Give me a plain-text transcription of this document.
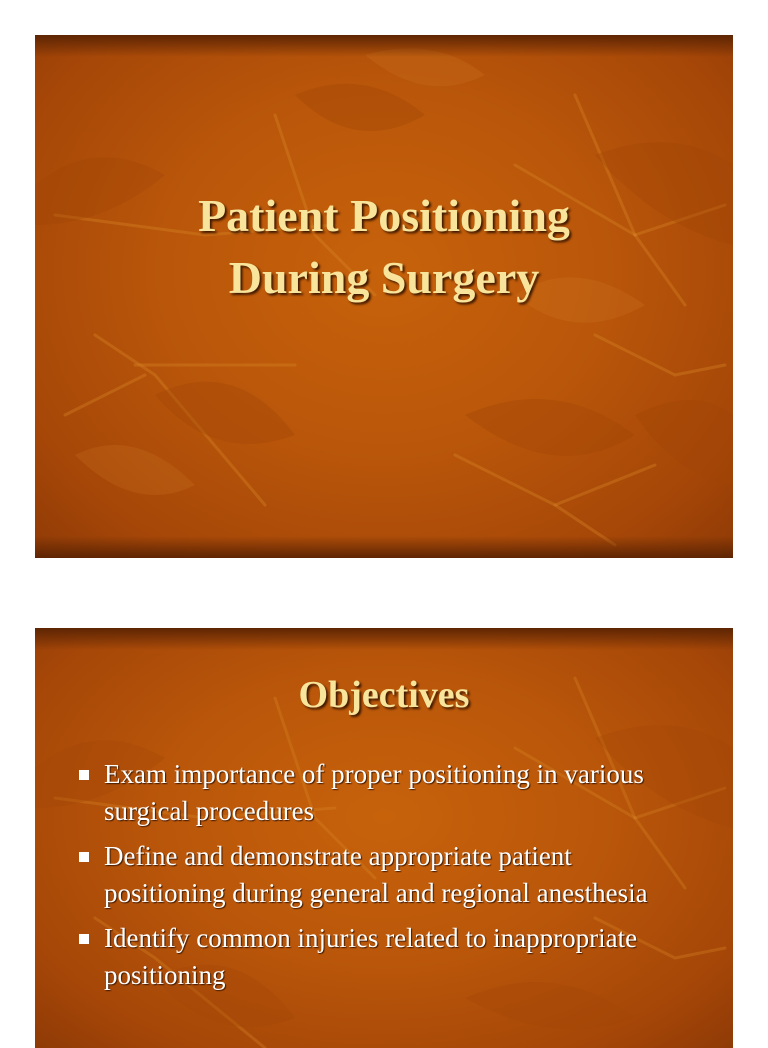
Patient Positioning
During Surgery
Objectives
Exam importance of proper positioning in various surgical procedures
Define and demonstrate appropriate patient positioning during general and regional anesthesia
Identify common injuries related to inappropriate positioning
